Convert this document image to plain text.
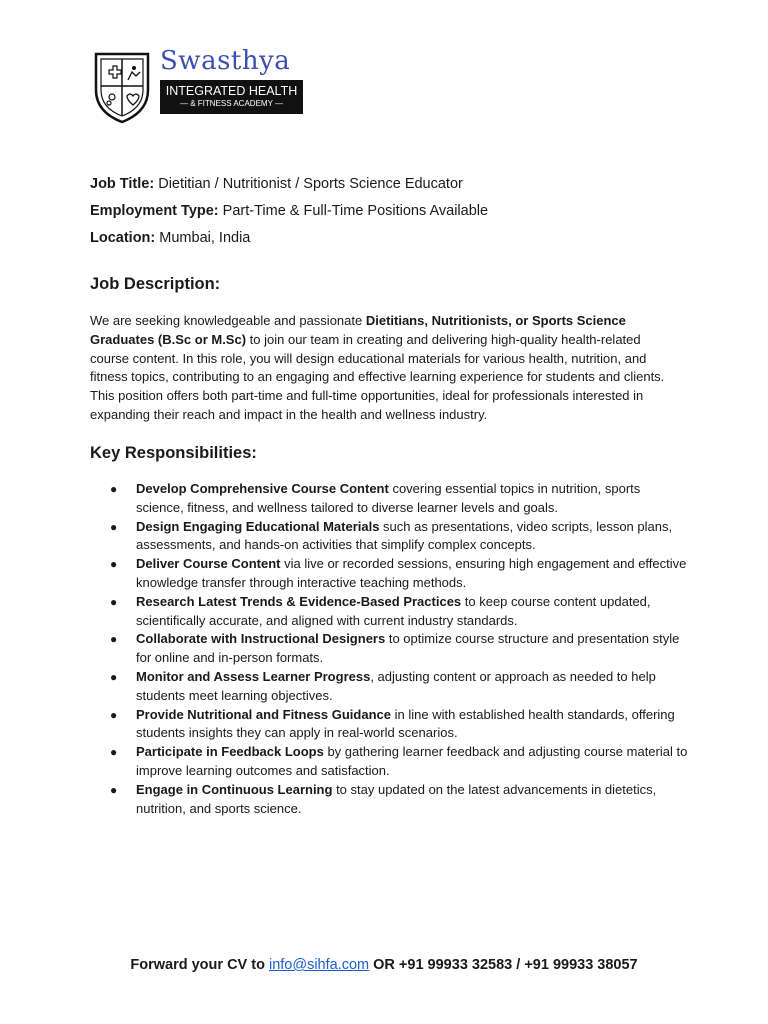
Swasthya
INTEGRATED HEALTH
— & FITNESS ACADEMY —
Job Title: Dietitian / Nutritionist / Sports Science Educator
Employment Type: Part-Time & Full-Time Positions Available
Location: Mumbai, India
Job Description:
We are seeking knowledgeable and passionate Dietitians, Nutritionists, or Sports Science Graduates (B.Sc or M.Sc) to join our team in creating and delivering high-quality health-related course content. In this role, you will design educational materials for various health, nutrition, and fitness topics, contributing to an engaging and effective learning experience for students and clients. This position offers both part-time and full-time opportunities, ideal for professionals interested in expanding their reach and impact in the health and wellness industry.
Key Responsibilities:
● Develop Comprehensive Course Content covering essential topics in nutrition, sports science, fitness, and wellness tailored to diverse learner levels and goals.
● Design Engaging Educational Materials such as presentations, video scripts, lesson plans, assessments, and hands-on activities that simplify complex concepts.
● Deliver Course Content via live or recorded sessions, ensuring high engagement and effective knowledge transfer through interactive teaching methods.
● Research Latest Trends & Evidence-Based Practices to keep course content updated, scientifically accurate, and aligned with current industry standards.
● Collaborate with Instructional Designers to optimize course structure and presentation style for online and in-person formats.
● Monitor and Assess Learner Progress, adjusting content or approach as needed to help students meet learning objectives.
● Provide Nutritional and Fitness Guidance in line with established health standards, offering students insights they can apply in real-world scenarios.
● Participate in Feedback Loops by gathering learner feedback and adjusting course material to improve learning outcomes and satisfaction.
● Engage in Continuous Learning to stay updated on the latest advancements in dietetics, nutrition, and sports science.
Forward your CV to info@sihfa.com OR +91 99933 32583 / +91 99933 38057
